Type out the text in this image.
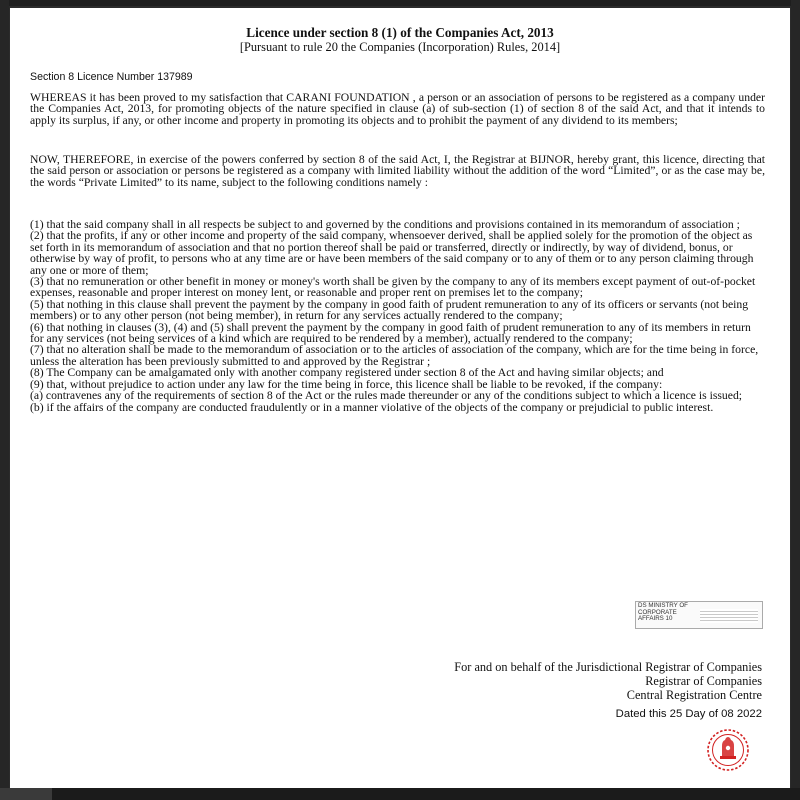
Licence under section 8 (1) of the Companies Act, 2013
[Pursuant to rule 20 the Companies (Incorporation) Rules, 2014]
Section 8 Licence Number 137989
WHEREAS it has been proved to my satisfaction that CARANI FOUNDATION , a person or an association of persons to be registered as a company under the Companies Act, 2013, for promoting objects of the nature specified in clause (a) of sub-section (1) of section 8 of the said Act, and that it intends to apply its surplus, if any, or other income and property in promoting its objects and to prohibit the payment of any dividend to its members;
NOW, THEREFORE, in exercise of the powers conferred by section 8 of the said Act, I, the Registrar at BIJNOR, hereby grant, this licence, directing that the said person or association or persons be registered as a company with limited liability without the addition of the word “Limited”, or as the case may be, the words “Private Limited” to its name, subject to the following conditions namely :
(1) that the said company shall in all respects be subject to and governed by the conditions and provisions contained in its memorandum of association ;
(2) that the profits, if any or other income and property of the said company, whensoever derived, shall be applied solely for the promotion of the object as set forth in its memorandum of association and that no portion thereof shall be paid or transferred, directly or indirectly, by way of dividend, bonus, or otherwise by way of profit, to persons who at any time are or have been members of the said company or to any of them or to any person claiming through any one or more of them;
(3) that no remuneration or other benefit in money or money's worth shall be given by the company to any of its members except payment of out-of-pocket expenses, reasonable and proper interest on money lent, or reasonable and proper rent on premises let to the company;
(5) that nothing in this clause shall prevent the payment by the company in good faith of prudent remuneration to any of its officers or servants (not being members) or to any other person (not being member), in return for any services actually rendered to the company;
(6) that nothing in clauses (3), (4) and (5) shall prevent the payment by the company in good faith of prudent remuneration to any of its members in return for any services (not being services of a kind which are required to be rendered by a member), actually rendered to the company;
(7) that no alteration shall be made to the memorandum of association or to the articles of association of the company, which are for the time being in force, unless the alteration has been previously submitted to and approved by the Registrar ;
(8) The Company can be amalgamated only with another company registered under section 8 of the Act and having similar objects; and
(9) that, without prejudice to action under any law for the time being in force, this licence shall be liable to be revoked, if the company:
(a) contravenes any of the requirements of section 8 of the Act or the rules made thereunder or any of the conditions subject to which a licence is issued;
(b) if the affairs of the company are conducted fraudulently or in a manner violative of the objects of the company or prejudicial to public interest.
DS MINISTRY OF CORPORATE AFFAIRS 10
For and on behalf of the Jurisdictional Registrar of Companies
Registrar of Companies
Central Registration Centre
Dated this 25 Day of 08 2022
